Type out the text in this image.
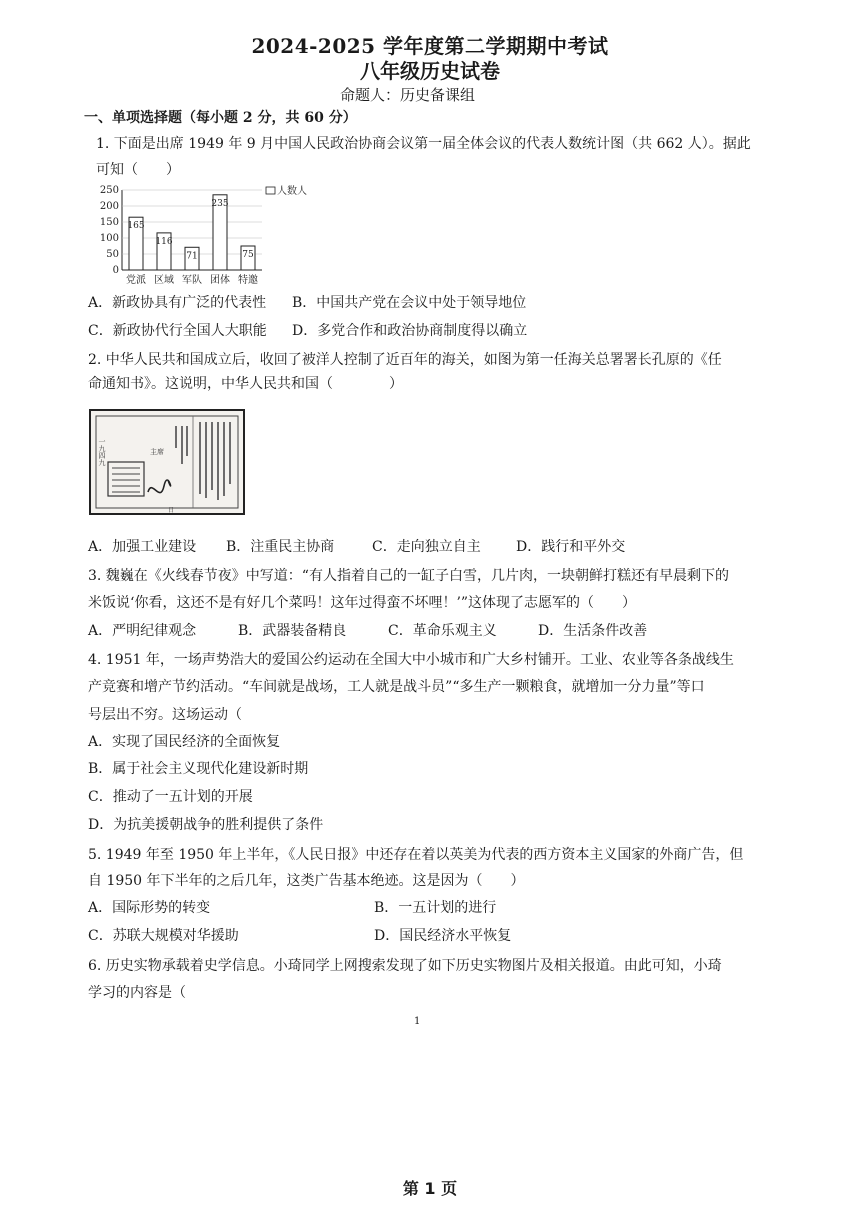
2024-2025 学年度第二学期期中考试
八年级历史试卷
命题人：历史备课组
一、单项选择题（每小题 2 分，共 60 分）
1. 下面是出席 1949 年 9 月中国人民政治协商会议第一届全体会议的代表人数统计图（共 662 人）。据此
可知（　　）
250
200
150
100
50
0
165
党派
116
区域
71
军队
235
团体
75
特邀
人数人
A．新政协具有广泛的代表性 B．中国共产党在会议中处于领导地位
C．新政协代行全国人大职能 D．多党合作和政治协商制度得以确立
2. 中华人民共和国成立后，收回了被洋人控制了近百年的海关，如图为第一任海关总署署长孔原的《任
命通知书》。这说明，中华人民共和国（　　　　）
一九四九	主席
日
A．加强工业建设 B．注重民主协商	C．走向独立自主	D．践行和平外交
3. 魏巍在《火线春节夜》中写道：“有人指着自己的一缸子白雪，几片肉，一块朝鲜打糕还有早晨剩下的
米饭说‘你看，这还不是有好几个菜吗！这年过得蛮不坏哩！’”这体现了志愿军的（　　）
A．严明纪律观念	B．武器装备精良	C．革命乐观主义	D．生活条件改善
4. 1951 年，一场声势浩大的爱国公约运动在全国大中小城市和广大乡村铺开。工业、农业等各条战线生
产竞赛和增产节约活动。“车间就是战场，工人就是战斗员”“多生产一颗粮食，就增加一分力量”等口
号层出不穷。这场运动（
A．实现了国民经济的全面恢复
B．属于社会主义现代化建设新时期
C．推动了一五计划的开展
D．为抗美援朝战争的胜利提供了条件
5. 1949 年至 1950 年上半年，《人民日报》中还存在着以英美为代表的西方资本主义国家的外商广告，但
自 1950 年下半年的之后几年，这类广告基本绝迹。这是因为（　　）
A．国际形势的转变	B．一五计划的进行
C．苏联大规模对华援助	D．国民经济水平恢复
6. 历史实物承载着史学信息。小琦同学上网搜索发现了如下历史实物图片及相关报道。由此可知，小琦
学习的内容是（
1
第 1 页
